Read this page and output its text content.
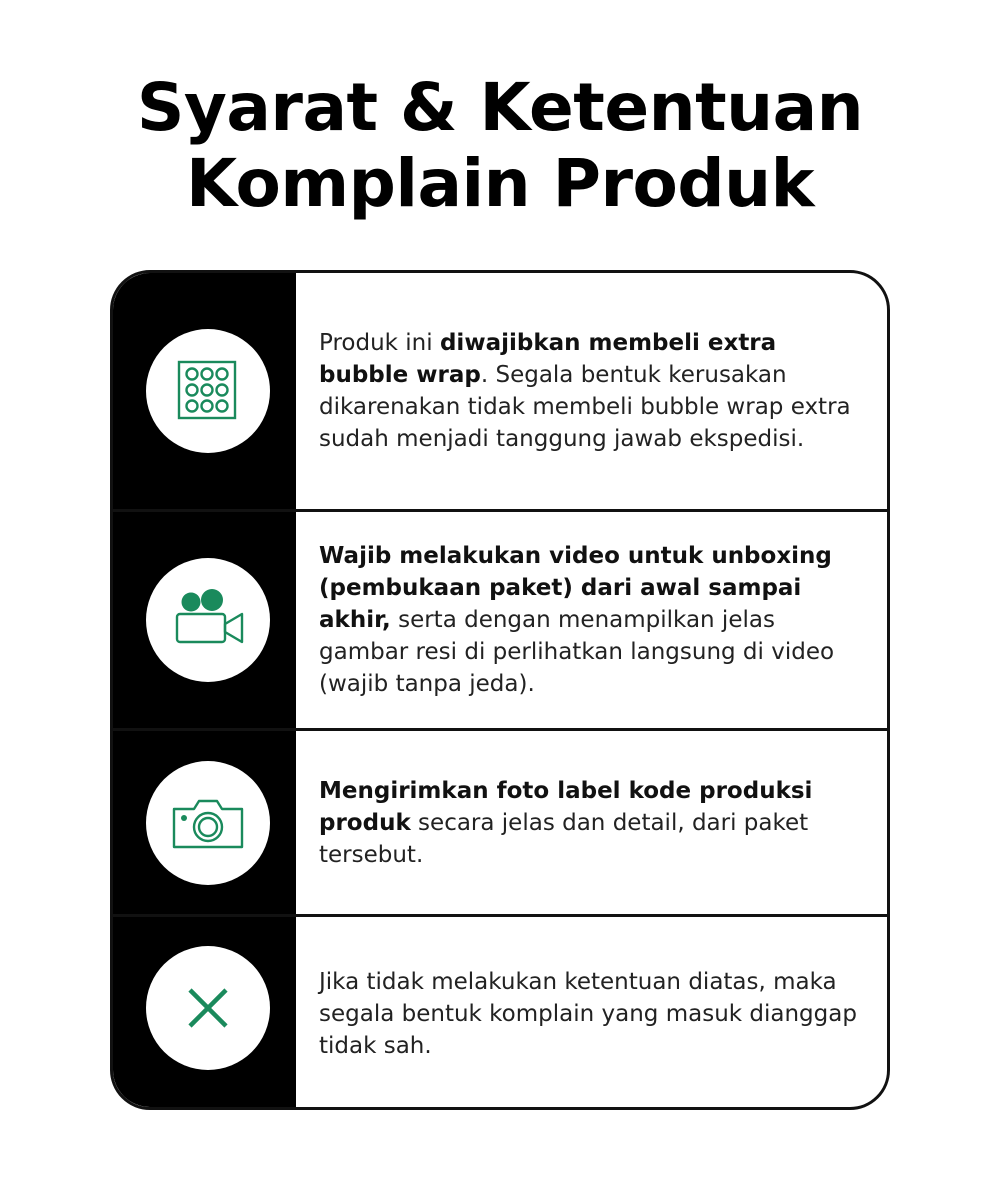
Syarat & Ketentuan
Komplain Produk
Produk ini diwajibkan membeli extra bubble wrap. Segala bentuk kerusakan dikarenakan tidak membeli bubble wrap extra sudah menjadi tanggung jawab ekspedisi.
Wajib melakukan video untuk unboxing (pembukaan paket) dari awal sampai akhir, serta dengan menampilkan jelas gambar resi di perlihatkan langsung di video (wajib tanpa jeda).
Mengirimkan foto label kode produksi produk secara jelas dan detail, dari paket tersebut.
Jika tidak melakukan ketentuan diatas, maka segala bentuk komplain yang masuk dianggap tidak sah.
